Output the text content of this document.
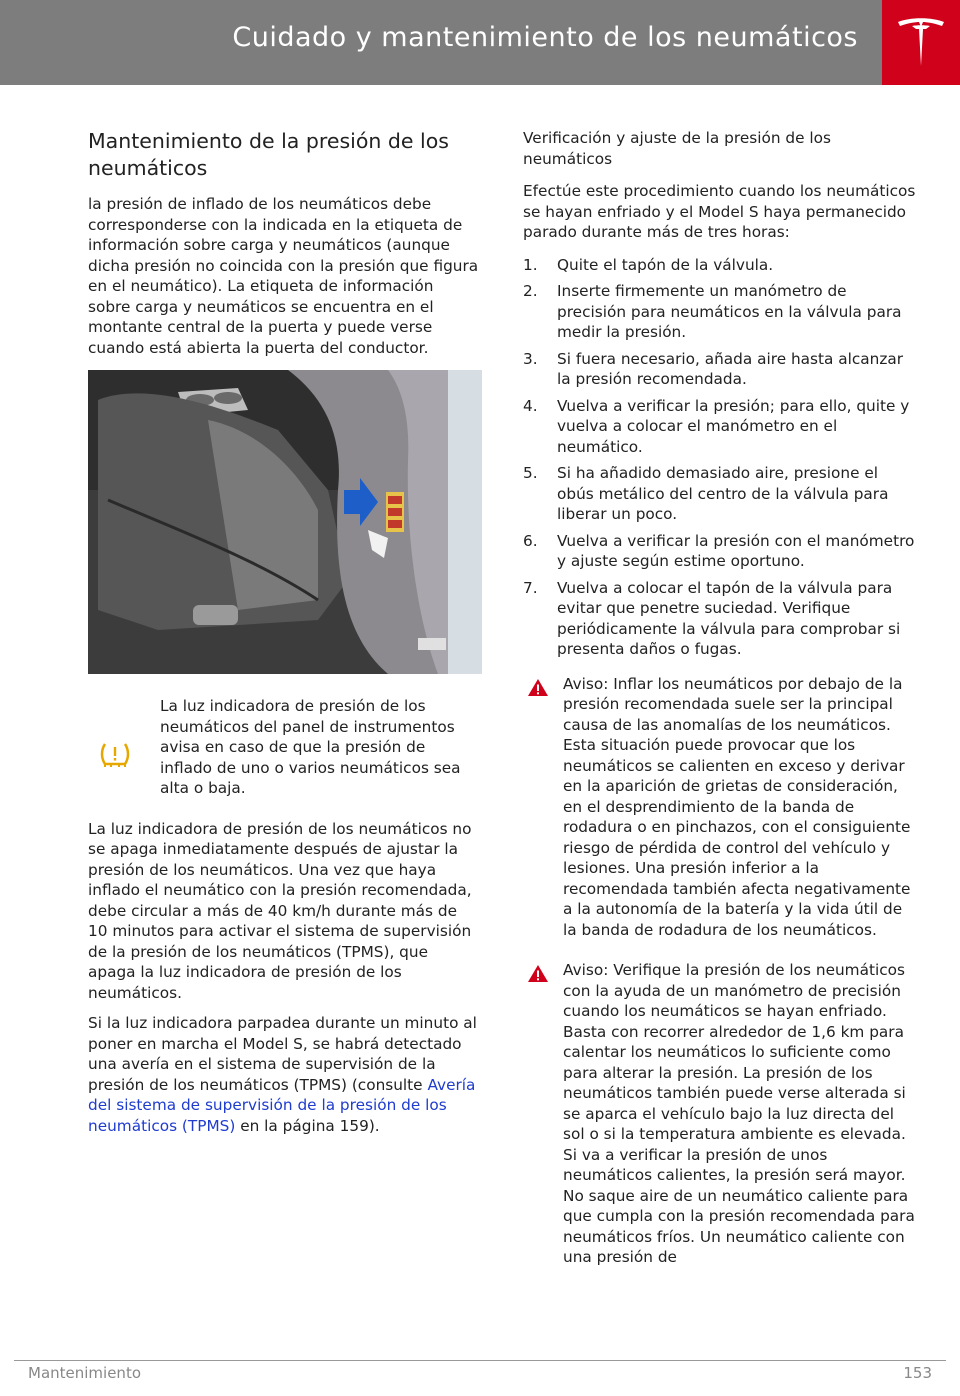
Cuidado y mantenimiento de los neumáticos
Mantenimiento de la presión de los neumáticos

la presión de inflado de los neumáticos debe corresponderse con la indicada en la etiqueta de información sobre carga y neumáticos (aunque dicha presión no coincida con la presión que figura en el neumático). La etiqueta de información sobre carga y neumáticos se encuentra en el montante central de la puerta y puede verse cuando está abierta la puerta del conductor.

La luz indicadora de presión de los neumáticos del panel de instrumentos avisa en caso de que la presión de inflado de uno o varios neumáticos sea alta o baja.

La luz indicadora de presión de los neumáticos no se apaga inmediatamente después de ajustar la presión de los neumáticos. Una vez que haya inflado el neumático con la presión recomendada, debe circular a más de 40 km/h durante más de 10 minutos para activar el sistema de supervisión de la presión de los neumáticos (TPMS), que apaga la luz indicadora de presión de los neumáticos.

Si la luz indicadora parpadea durante un minuto al poner en marcha el Model S, se habrá detectado una avería en el sistema de supervisión de la presión de los neumáticos (TPMS) (consulte Avería del sistema de supervisión de la presión de los neumáticos (TPMS) en la página 159).

Verificación y ajuste de la presión de los neumáticos

Efectúe este procedimiento cuando los neumáticos se hayan enfriado y el Model S haya permanecido parado durante más de tres horas:

1. Quite el tapón de la válvula.
2. Inserte firmemente un manómetro de precisión para neumáticos en la válvula para medir la presión.
3. Si fuera necesario, añada aire hasta alcanzar la presión recomendada.
4. Vuelva a verificar la presión; para ello, quite y vuelva a colocar el manómetro en el neumático.
5. Si ha añadido demasiado aire, presione el obús metálico del centro de la válvula para liberar un poco.
6. Vuelva a verificar la presión con el manómetro y ajuste según estime oportuno.
7. Vuelva a colocar el tapón de la válvula para evitar que penetre suciedad. Verifique periódicamente la válvula para comprobar si presenta daños o fugas.

Aviso: Inflar los neumáticos por debajo de la presión recomendada suele ser la principal causa de las anomalías de los neumáticos. Esta situación puede provocar que los neumáticos se calienten en exceso y derivar en la aparición de grietas de consideración, en el desprendimiento de la banda de rodadura o en pinchazos, con el consiguiente riesgo de pérdida de control del vehículo y lesiones. Una presión inferior a la recomendada también afecta negativamente a la autonomía de la batería y la vida útil de la banda de rodadura de los neumáticos.

Aviso: Verifique la presión de los neumáticos con la ayuda de un manómetro de precisión cuando los neumáticos se hayan enfriado. Basta con recorrer alrededor de 1,6 km para calentar los neumáticos lo suficiente como para alterar la presión. La presión de los neumáticos también puede verse alterada si se aparca el vehículo bajo la luz directa del sol o si la temperatura ambiente es elevada. Si va a verificar la presión de unos neumáticos calientes, la presión será mayor. No saque aire de un neumático caliente para que cumpla con la presión recomendada para neumáticos fríos. Un neumático caliente con una presión de

Mantenimiento	153
